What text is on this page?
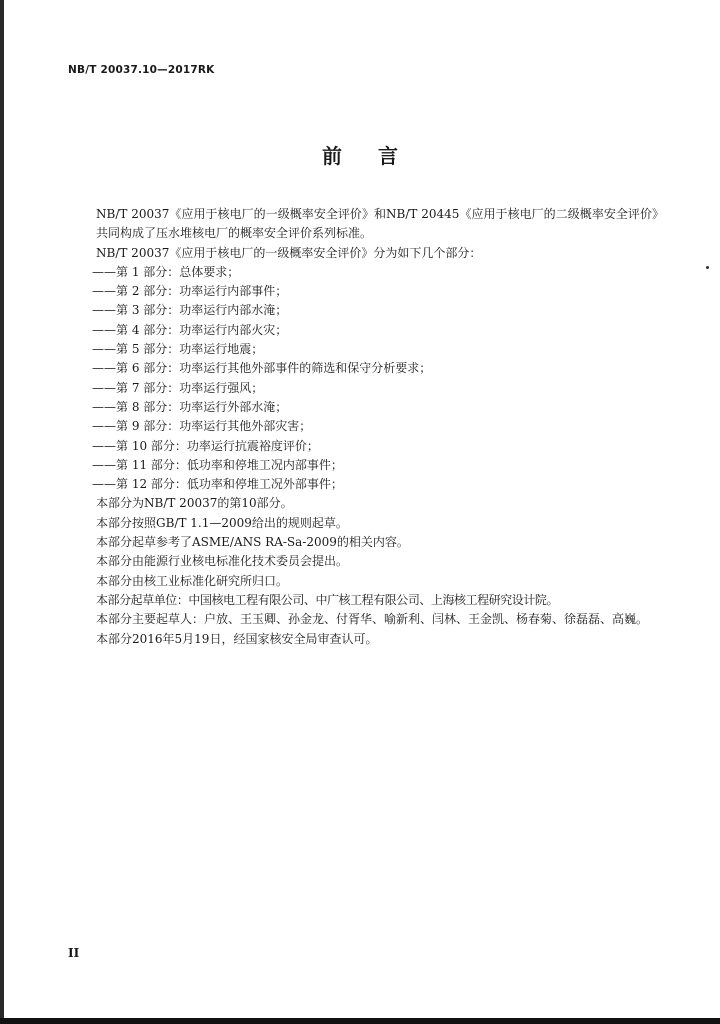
NB/T 20037.10—2017RK
前言

NB/T 20037《应用于核电厂的一级概率安全评价》和NB/T 20445《应用于核电厂的二级概率安全评价》共同构成了压水堆核电厂的概率安全评价系列标准。

NB/T 20037《应用于核电厂的一级概率安全评价》分为如下几个部分：

——第 1 部分：总体要求；

——第 2 部分：功率运行内部事件；

——第 3 部分：功率运行内部水淹；

——第 4 部分：功率运行内部火灾；

——第 5 部分：功率运行地震；

——第 6 部分：功率运行其他外部事件的筛选和保守分析要求；

——第 7 部分：功率运行强风；

——第 8 部分：功率运行外部水淹；

——第 9 部分：功率运行其他外部灾害；

——第 10 部分：功率运行抗震裕度评价；

——第 11 部分：低功率和停堆工况内部事件；

——第 12 部分：低功率和停堆工况外部事件；

本部分为NB/T 20037的第10部分。

本部分按照GB/T 1.1—2009给出的规则起草。

本部分起草参考了ASME/ANS RA-Sa-2009的相关内容。

本部分由能源行业核电标准化技术委员会提出。

本部分由核工业标准化研究所归口。

本部分起草单位：中国核电工程有限公司、中广核工程有限公司、上海核工程研究设计院。

本部分主要起草人：户放、王玉卿、孙金龙、付胥华、喻新利、闫林、王金凯、杨春菊、徐磊磊、高巍。

本部分2016年5月19日，经国家核安全局审查认可。

II
